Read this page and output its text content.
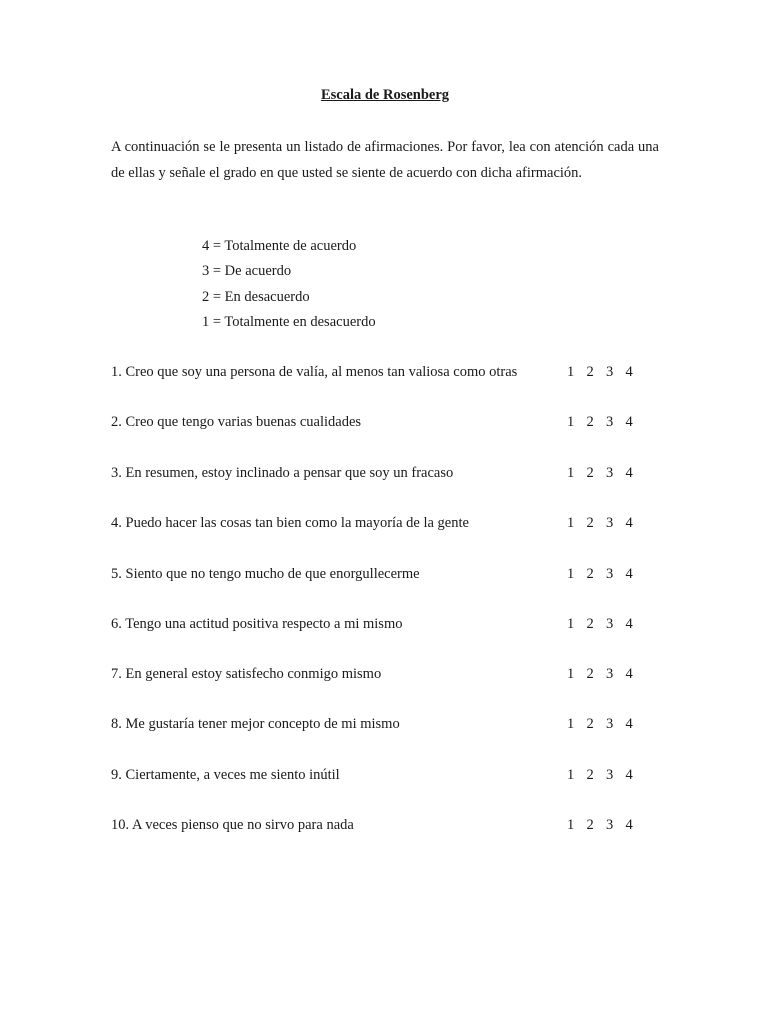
Escala de Rosenberg
A continuación se le presenta un listado de afirmaciones. Por favor, lea con atención cada una de ellas y señale el grado en que usted se siente de acuerdo con dicha afirmación.
4 = Totalmente de acuerdo
3 = De acuerdo
2 = En desacuerdo
1 = Totalmente en desacuerdo
1. Creo que soy una persona de valía, al menos tan valiosa como otras	1 2 3 4
2. Creo que tengo varias buenas cualidades	1 2 3 4
3. En resumen, estoy inclinado a pensar que soy un fracaso	1 2 3 4
4. Puedo hacer las cosas tan bien como la mayoría de la gente	1 2 3 4
5. Siento que no tengo mucho de que enorgullecerme	1 2 3 4
6. Tengo una actitud positiva respecto a mi mismo	1 2 3 4
7. En general estoy satisfecho conmigo mismo	1 2 3 4
8. Me gustaría tener mejor concepto de mi mismo	1 2 3 4
9. Ciertamente, a veces me siento inútil	1 2 3 4
10. A veces pienso que no sirvo para nada	1 2 3 4
